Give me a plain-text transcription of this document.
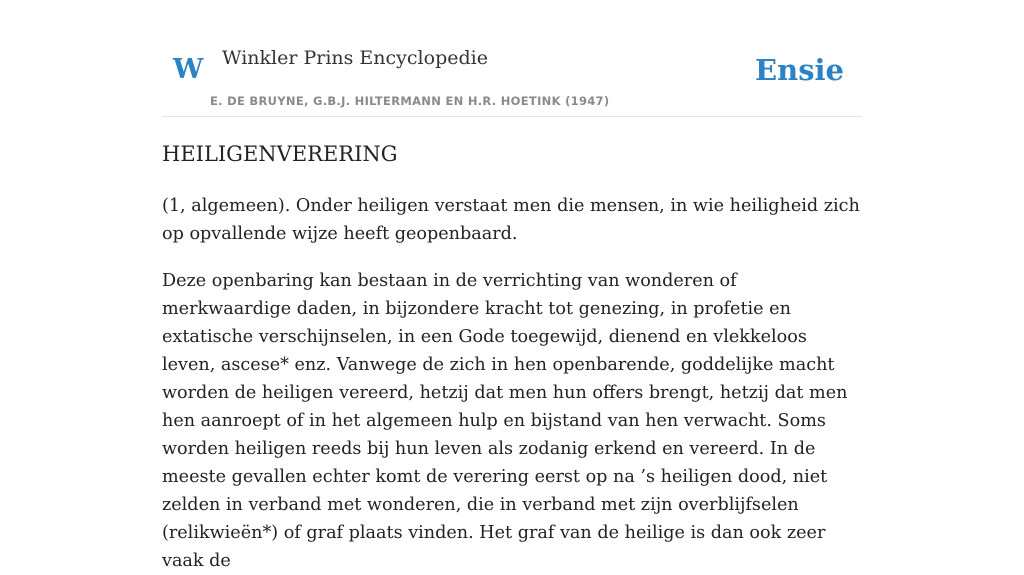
W Winkler Prins Encyclopedie
E. DE BRUYNE, G.B.J. HILTERMANN EN H.R. HOETINK (1947)
Ensie
HEILIGENVERERING

(1, algemeen). Onder heiligen verstaat men die mensen, in wie heiligheid zich op opvallende wijze heeft geopenbaard.

Deze openbaring kan bestaan in de verrichting van wonderen of merkwaardige daden, in bijzondere kracht tot genezing, in profetie en extatische verschijnselen, in een Gode toegewijd, dienend en vlekkeloos leven, ascese* enz. Vanwege de zich in hen openbarende, goddelijke macht worden de heiligen vereerd, hetzij dat men hun offers brengt, hetzij dat men hen aanroept of in het algemeen hulp en bijstand van hen verwacht. Soms worden heiligen reeds bij hun leven als zodanig erkend en vereerd. In de meeste gevallen echter komt de verering eerst op na ’s heiligen dood, niet zelden in verband met wonderen, die in verband met zijn overblijfselen (relikwieën*) of graf plaats vinden. Het graf van de heilige is dan ook zeer vaak de
